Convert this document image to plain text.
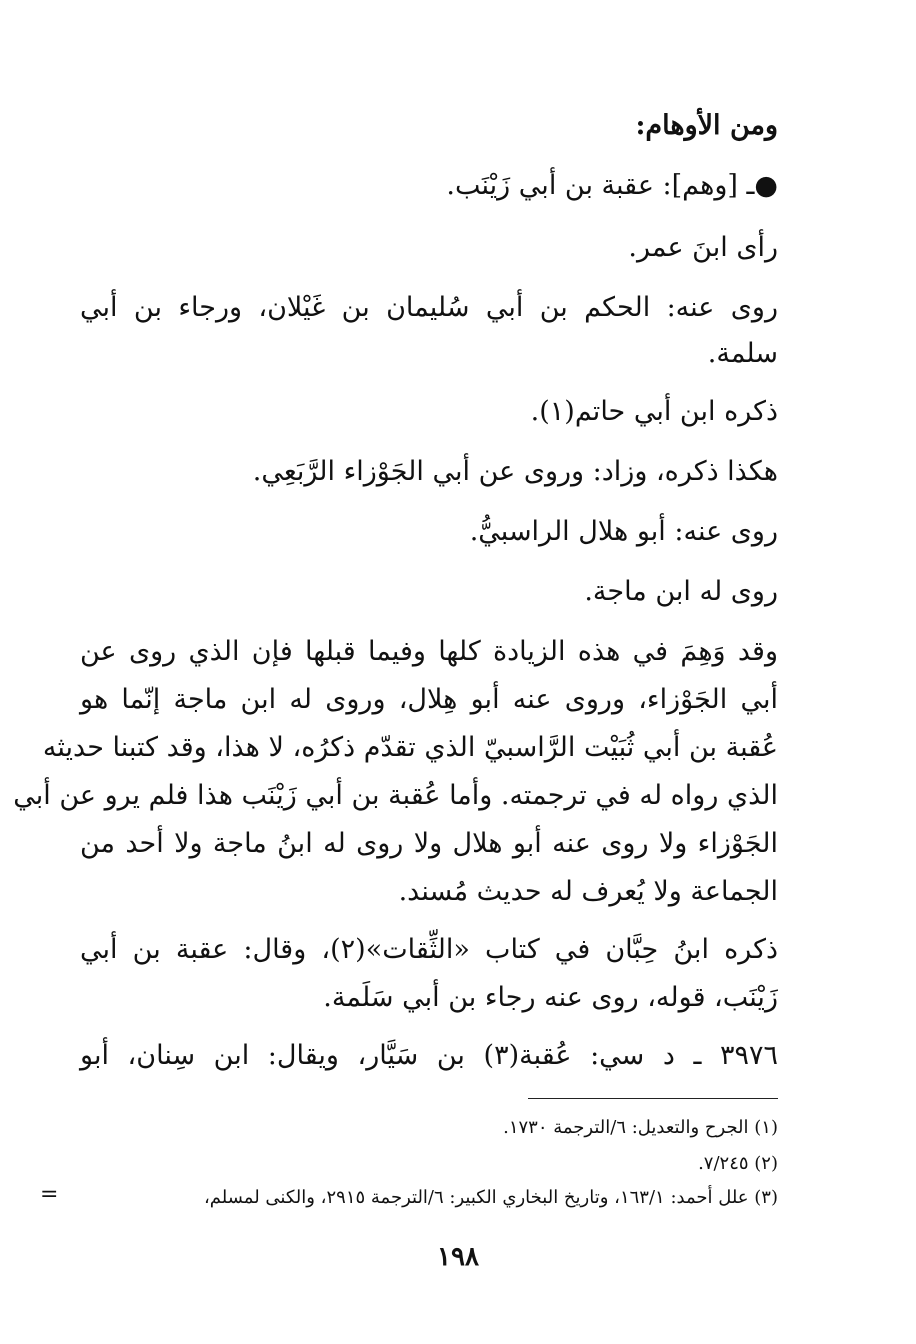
ومن الأوهام:
●ـ [وهم]: عقبة بن أبي زَيْنَب.
رأى ابنَ عمر.
روى عنه: الحكم بن أبي سُليمان بن غَيْلان، ورجاء بن أبي
سلمة.
ذكره ابن أبي حاتم(١).
هكذا ذكره، وزاد: وروى عن أبي الجَوْزاء الرَّبَعِي.
روى عنه: أبو هلال الراسبيُّ.
روى له ابن ماجة.
وقد وَهِمَ في هذه الزيادة كلها وفيما قبلها فإن الذي روى عن
أبي الجَوْزاء، وروى عنه أبو هِلال، وروى له ابن ماجة إنّما هو
عُقبة بن أبي ثُبَيْت الرَّاسبيّ الذي تقدّم ذكرُه، لا هذا، وقد كتبنا حديثه
الذي رواه له في ترجمته. وأما عُقبة بن أبي زَيْنَب هذا فلم يرو عن أبي
الجَوْزاء ولا روى عنه أبو هلال ولا روى له ابنُ ماجة ولا أحد من
الجماعة ولا يُعرف له حديث مُسند.
ذكره ابنُ حِبَّان في كتاب «الثِّقات»(٢)، وقال: عقبة بن أبي
زَيْنَب، قوله، روى عنه رجاء بن أبي سَلَمة.
٣٩٧٦ ـ د سي: عُقبة(٣) بن سَيَّار، ويقال: ابن سِنان، أبو
(١) الجرح والتعديل: ٦/الترجمة ١٧٣٠.
(٢) ٧/٢٤٥.
(٣) علل أحمد: ١٦٣/١، وتاريخ البخاري الكبير: ٦/الترجمة ٢٩١٥، والكنى لمسلم،
=
١٩٨
